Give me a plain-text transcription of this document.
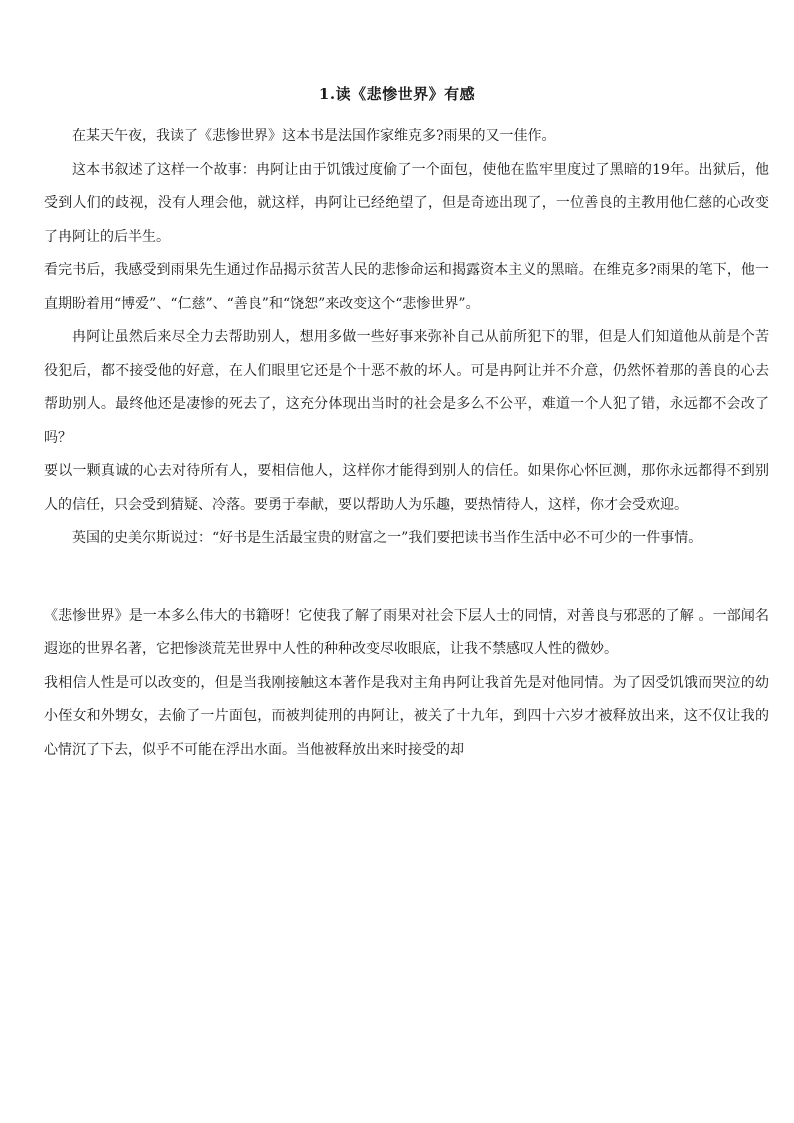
1.读《悲惨世界》有感

在某天午夜，我读了《悲惨世界》这本书是法国作家维克多?雨果的又一佳作。

这本书叙述了这样一个故事：冉阿让由于饥饿过度偷了一个面包，使他在监牢里度过了黑暗的19年。出狱后，他受到人们的歧视，没有人理会他，就这样，冉阿让已经绝望了，但是奇迹出现了，一位善良的主教用他仁慈的心改变了冉阿让的后半生。

看完书后，我感受到雨果先生通过作品揭示贫苦人民的悲惨命运和揭露资本主义的黑暗。在维克多?雨果的笔下，他一直期盼着用“博爱”、“仁慈”、“善良”和“饶恕”来改变这个“悲惨世界”。

冉阿让虽然后来尽全力去帮助别人，想用多做一些好事来弥补自己从前所犯下的罪，但是人们知道他从前是个苦役犯后，都不接受他的好意，在人们眼里它还是个十恶不赦的坏人。可是冉阿让并不介意，仍然怀着那的善良的心去帮助别人。最终他还是凄惨的死去了，这充分体现出当时的社会是多么不公平，难道一个人犯了错，永远都不会改了吗？

要以一颗真诚的心去对待所有人，要相信他人，这样你才能得到别人的信任。如果你心怀叵测，那你永远都得不到别人的信任，只会受到猜疑、冷落。要勇于奉献，要以帮助人为乐趣，要热情待人，这样，你才会受欢迎。

英国的史美尔斯说过：“好书是生活最宝贵的财富之一”我们要把读书当作生活中必不可少的一件事情。

《悲惨世界》是一本多么伟大的书籍呀！它使我了解了雨果对社会下层人士的同情，对善良与邪恶的了解 。一部闻名遐迩的世界名著，它把惨淡荒芜世界中人性的种种改变尽收眼底，让我不禁感叹人性的微妙。

我相信人性是可以改变的，但是当我刚接触这本著作是我对主角冉阿让我首先是对他同情。为了因受饥饿而哭泣的幼小侄女和外甥女，去偷了一片面包，而被判徒刑的冉阿让，被关了十九年，到四十六岁才被释放出来，这不仅让我的心情沉了下去，似乎不可能在浮出水面。当他被释放出来时接受的却
